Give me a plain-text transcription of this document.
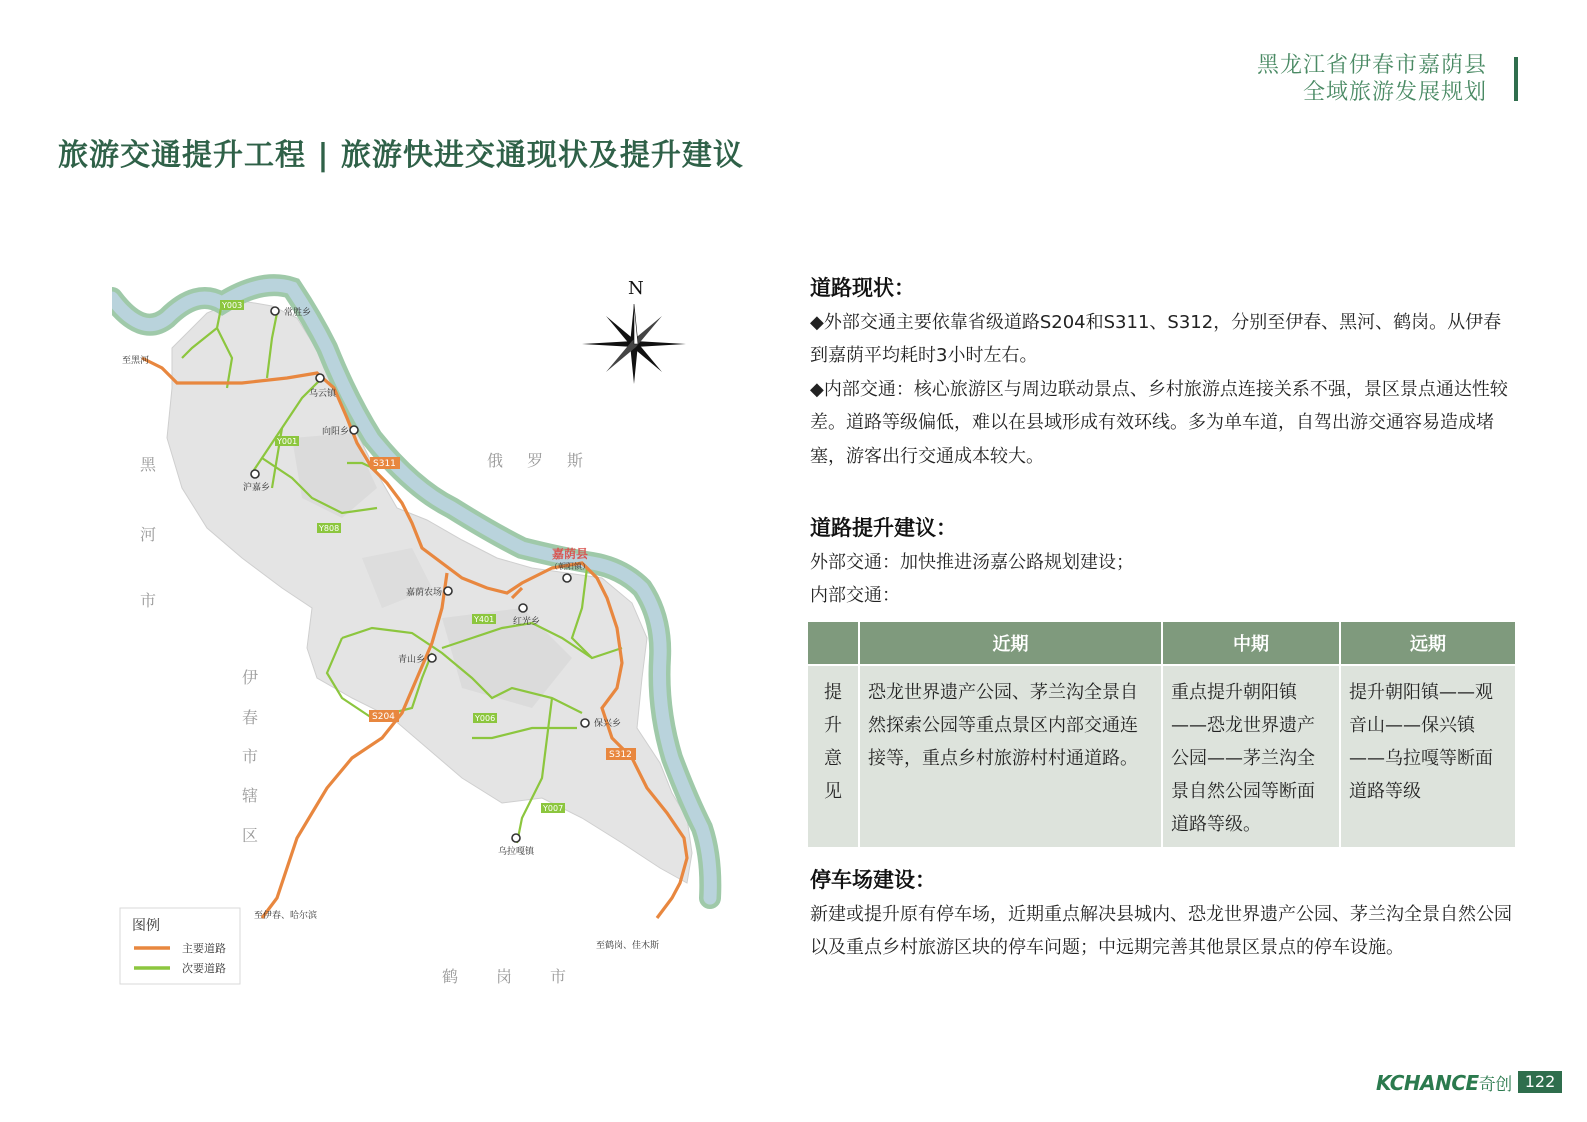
黑龙江省伊春市嘉荫县
全域旅游发展规划
旅游交通提升工程 | 旅游快进交通现状及提升建议
常胜乡
乌云镇
向阳乡
沪嘉乡
嘉荫农场
红光乡
青山乡
保兴乡
乌拉嘎镇
嘉荫县
（朝阳镇）
Y003
Y001
S311
Y808
Y401
S204	Y006
S312
Y007
黑
河
市
伊
春
市
辖
区
俄 罗 斯
鹤 岗 市
至黑河
至伊春、哈尔滨
至鹤岗、佳木斯
N
图例
主要道路
次要道路

道路现状：

◆外部交通主要依靠省级道路S204和S311、S312，分别至伊春、黑河、鹤岗。从伊春到嘉荫平均耗时3小时左右。

◆内部交通：核心旅游区与周边联动景点、乡村旅游点连接关系不强，景区景点通达性较差。道路等级偏低，难以在县域形成有效环线。多为单车道，自驾出游交通容易造成堵塞，游客出行交通成本较大。

道路提升建议：

外部交通：加快推进汤嘉公路规划建设；

内部交通：

停车场建设：

新建或提升原有停车场，近期重点解决县城内、恐龙世界遗产公园、茅兰沟全景自然公园以及重点乡村旅游区块的停车问题；中远期完善其他景区景点的停车设施。

	近期	中期	远期

提
升
意
见	恐龙世界遗产公园、茅兰沟全景自然探索公园等重点景区内部交通连接等，重点乡村旅游村村通道路。	重点提升朝阳镇——恐龙世界遗产公园——茅兰沟全景自然公园等断面道路等级。	提升朝阳镇——观音山——保兴镇——乌拉嘎等断面道路等级
KCHANCE奇创 122
